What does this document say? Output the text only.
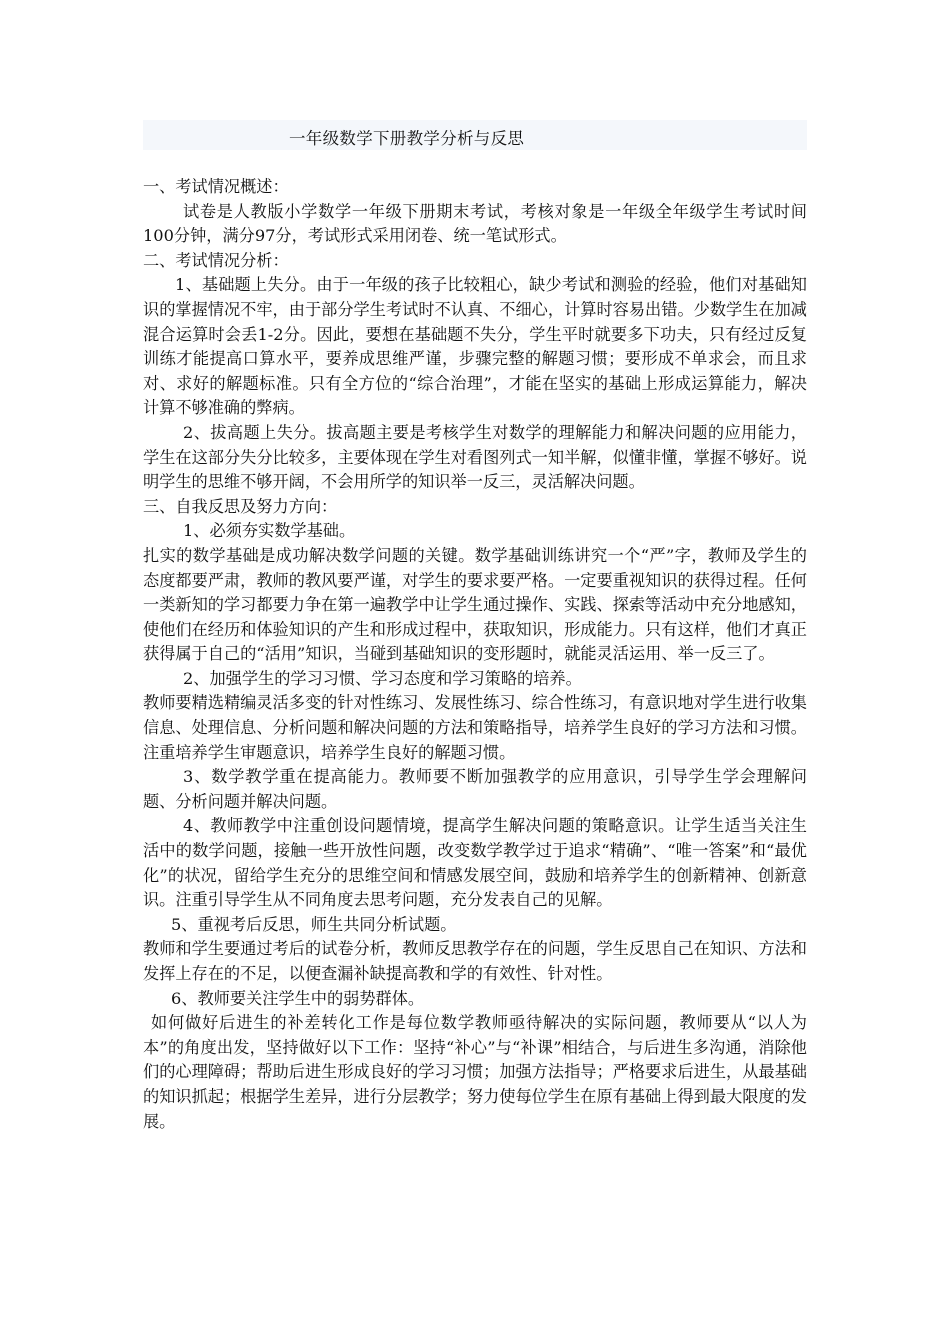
一年级数学下册教学分析与反思

一、考试情况概述：

试卷是人教版小学数学一年级下册期末考试，考核对象是一年级全年级学生考试时间100分钟，满分97分，考试形式采用闭卷、统一笔试形式。

二、考试情况分析：

1、基础题上失分。由于一年级的孩子比较粗心，缺少考试和测验的经验，他们对基础知识的掌握情况不牢，由于部分学生考试时不认真、不细心，计算时容易出错。少数学生在加减混合运算时会丢1-2分。因此，要想在基础题不失分，学生平时就要多下功夫，只有经过反复训练才能提高口算水平，要养成思维严谨，步骤完整的解题习惯；要形成不单求会，而且求对、求好的解题标准。只有全方位的“综合治理”，才能在坚实的基础上形成运算能力，解决计算不够准确的弊病。

2、拔高题上失分。拔高题主要是考核学生对数学的理解能力和解决问题的应用能力，学生在这部分失分比较多，主要体现在学生对看图列式一知半解，似懂非懂，掌握不够好。说明学生的思维不够开阔，不会用所学的知识举一反三，灵活解决问题。

三、自我反思及努力方向：

1、必须夯实数学基础。

扎实的数学基础是成功解决数学问题的关键。数学基础训练讲究一个“严”字，教师及学生的态度都要严肃，教师的教风要严谨，对学生的要求要严格。一定要重视知识的获得过程。任何一类新知的学习都要力争在第一遍教学中让学生通过操作、实践、探索等活动中充分地感知，使他们在经历和体验知识的产生和形成过程中，获取知识，形成能力。只有这样，他们才真正获得属于自己的“活用”知识，当碰到基础知识的变形题时，就能灵活运用、举一反三了。

2、加强学生的学习习惯、学习态度和学习策略的培养。

教师要精选精编灵活多变的针对性练习、发展性练习、综合性练习，有意识地对学生进行收集信息、处理信息、分析问题和解决问题的方法和策略指导，培养学生良好的学习方法和习惯。注重培养学生审题意识，培养学生良好的解题习惯。

3、数学教学重在提高能力。教师要不断加强教学的应用意识，引导学生学会理解问题、分析问题并解决问题。

4、教师教学中注重创设问题情境，提高学生解决问题的策略意识。让学生适当关注生活中的数学问题，接触一些开放性问题，改变数学教学过于追求“精确”、“唯一答案”和“最优化”的状况，留给学生充分的思维空间和情感发展空间，鼓励和培养学生的创新精神、创新意识。注重引导学生从不同角度去思考问题，充分发表自己的见解。

5、重视考后反思，师生共同分析试题。

教师和学生要通过考后的试卷分析，教师反思教学存在的问题，学生反思自己在知识、方法和发挥上存在的不足，以便查漏补缺提高教和学的有效性、针对性。

6、教师要关注学生中的弱势群体。

如何做好后进生的补差转化工作是每位数学教师亟待解决的实际问题，教师要从“以人为本”的角度出发，坚持做好以下工作：坚持“补心”与“补课”相结合，与后进生多沟通，消除他们的心理障碍；帮助后进生形成良好的学习习惯；加强方法指导；严格要求后进生，从最基础的知识抓起；根据学生差异，进行分层教学；努力使每位学生在原有基础上得到最大限度的发展。
